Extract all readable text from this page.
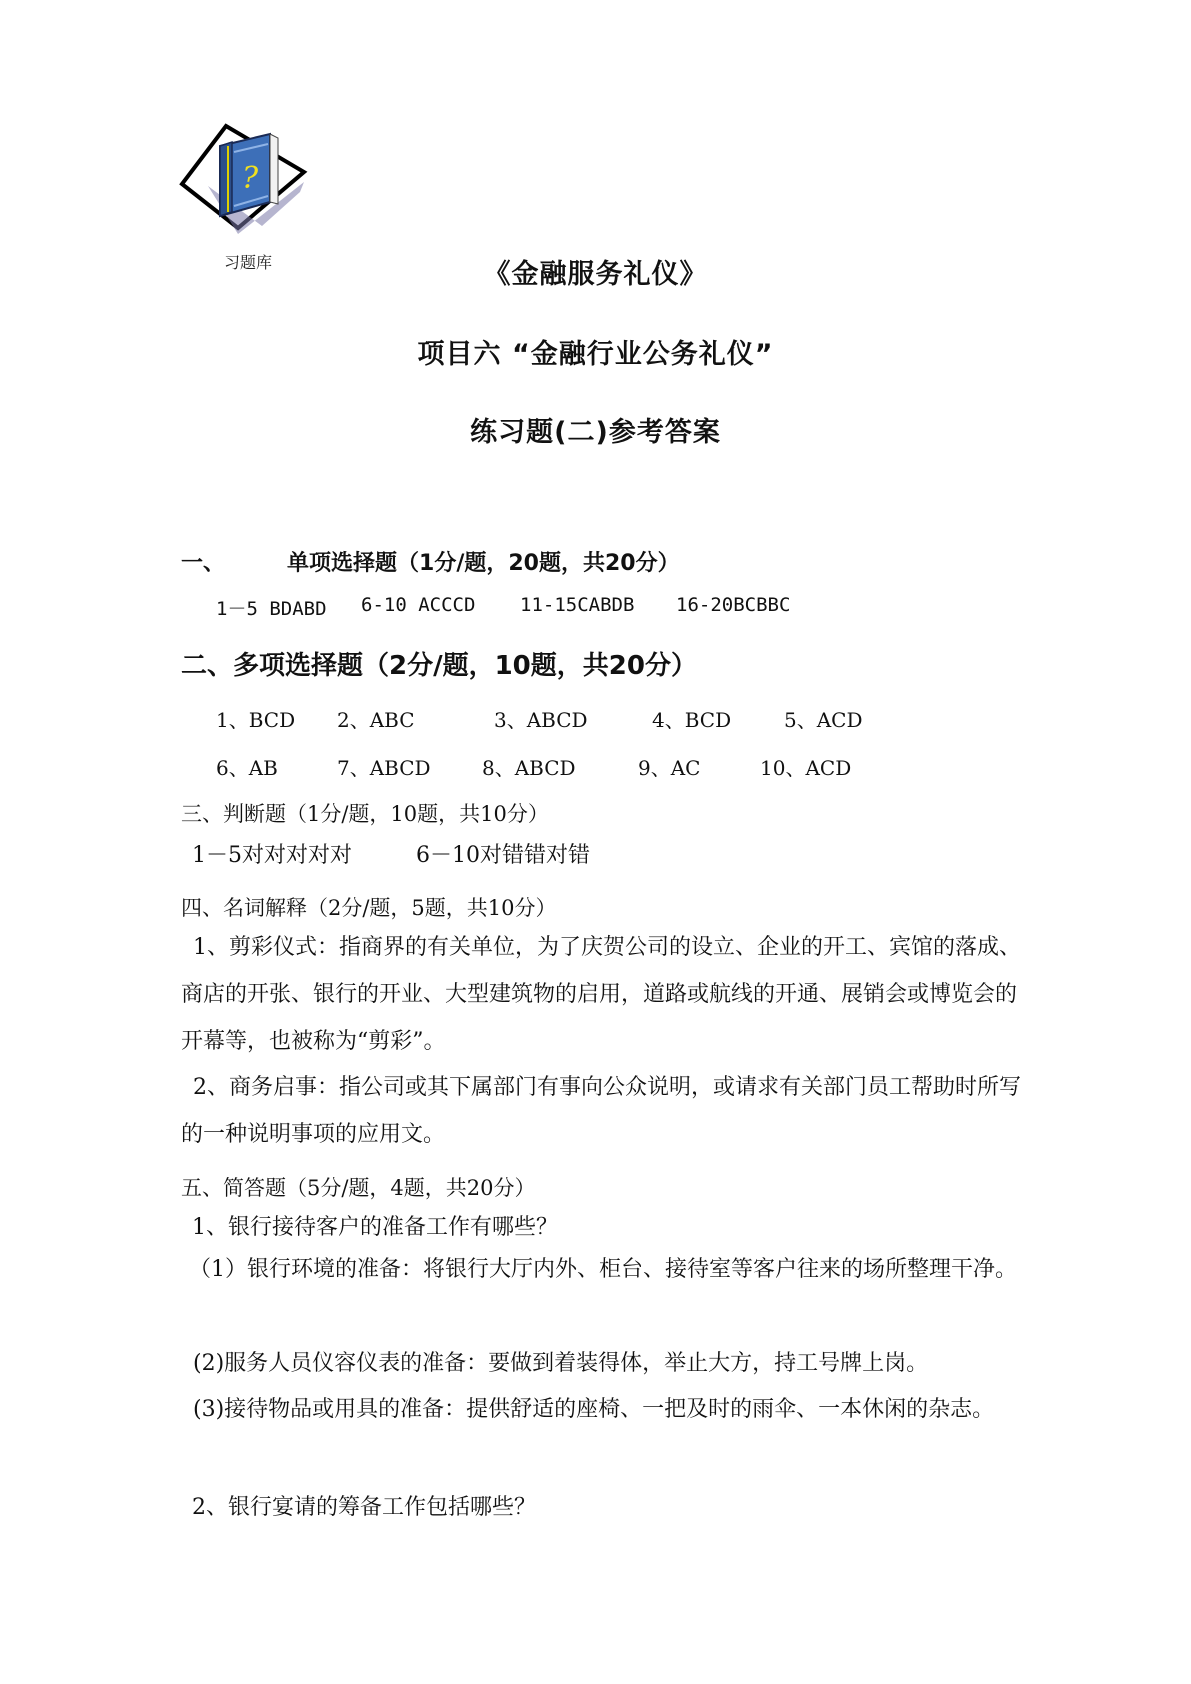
?
习题库	《金融服务礼仪》
项目六 “金融行业公务礼仪”
练习题(二)参考答案
一、	单项选择题（1分/题，20题，共20分）
1－5 BDABD 6-10 ACCCD 11-15CABDB 16-20BCBBC
二、多项选择题（2分/题，10题，共20分）
1、BCD 2、ABC	3、ABCD	4、BCD	5、ACD
6、AB	7、ABCD	8、ABCD	9、AC	10、ACD
三、判断题（1分/题，10题，共10分）
1－5对对对对对	6－10对错错对错
四、名词解释（2分/题，5题，共10分）
1、剪彩仪式：指商界的有关单位，为了庆贺公司的设立、企业的开工、宾馆的落成、商店的开张、银行的开业、大型建筑物的启用，道路或航线的开通、展销会或博览会的开幕等，也被称为“剪彩”。
2、商务启事：指公司或其下属部门有事向公众说明，或请求有关部门员工帮助时所写的一种说明事项的应用文。
五、简答题（5分/题，4题，共20分）
1、银行接待客户的准备工作有哪些？
（1）银行环境的准备：将银行大厅内外、柜台、接待室等客户往来的场所整理干净。
(2)服务人员仪容仪表的准备：要做到着装得体，举止大方，持工号牌上岗。
(3)接待物品或用具的准备：提供舒适的座椅、一把及时的雨伞、一本休闲的杂志。
2、银行宴请的筹备工作包括哪些？
